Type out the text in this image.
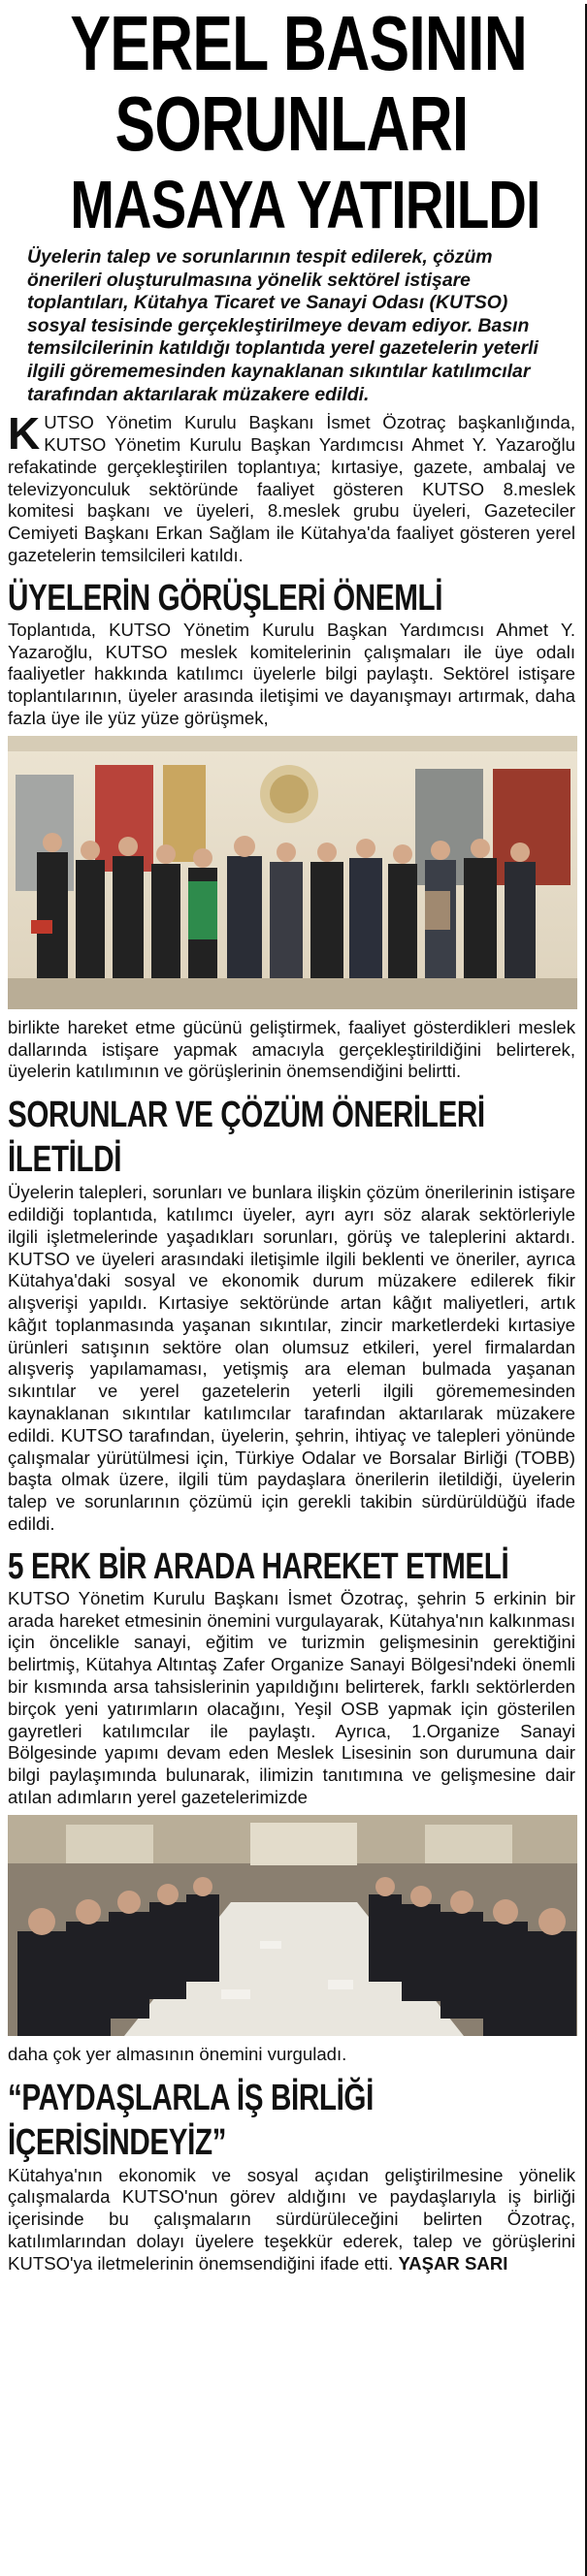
YEREL BASININ
SORUNLARI
MASAYA YATIRILDI

Üyelerin talep ve sorunlarının tespit edilerek, çözüm önerileri oluşturulmasına yönelik sektörel istişare toplantıları, Kütahya Ticaret ve Sanayi Odası (KUTSO) sosyal tesisinde gerçekleştirilmeye devam ediyor. Basın temsilcilerinin katıldığı toplantıda yerel gazetelerin yeterli ilgili görememesinden kaynaklanan sıkıntılar katılımcılar tarafından aktarılarak müzakere edildi.

KUTSO Yönetim Kurulu Başkanı İsmet Özotraç başkanlığında, KUTSO Yönetim Kurulu Başkan Yardımcısı Ahmet Y. Yazaroğlu refakatinde gerçekleştirilen toplantıya; kırtasiye, gazete, ambalaj ve televizyonculuk sektöründe faaliyet gösteren KUTSO 8.meslek komitesi başkanı ve üyeleri, 8.meslek grubu üyeleri, Gazeteciler Cemiyeti Başkanı Erkan Sağlam ile Kütahya'da faaliyet gösteren yerel gazetelerin temsilcileri katıldı.

ÜYELERİN GÖRÜŞLERİ ÖNEMLİ

Toplantıda, KUTSO Yönetim Kurulu Başkan Yardımcısı Ahmet Y. Yazaroğlu, KUTSO meslek komitelerinin çalışmaları ile üye odalı faaliyetler hakkında katılımcı üyelerle bilgi paylaştı. Sektörel istişare toplantılarının, üyeler arasında iletişimi ve dayanışmayı artırmak, daha fazla üye ile yüz yüze görüşmek,

birlikte hareket etme gücünü geliştirmek, faaliyet gösterdikleri meslek dallarında istişare yapmak amacıyla gerçekleştirildiğini belirterek, üyelerin katılımının ve görüşlerinin önemsendiğini belirtti.

SORUNLAR VE ÇÖZÜM ÖNERİLERİ
İLETİLDİ

Üyelerin talepleri, sorunları ve bunlara ilişkin çözüm önerilerinin istişare edildiği toplantıda, katılımcı üyeler, ayrı ayrı söz alarak sektörleriyle ilgili işletmelerinde yaşadıkları sorunları, görüş ve taleplerini aktardı. KUTSO ve üyeleri arasındaki iletişimle ilgili beklenti ve öneriler, ayrıca Kütahya'daki sosyal ve ekonomik durum müzakere edilerek fikir alışverişi yapıldı. Kırtasiye sektöründe artan kâğıt maliyetleri, artık kâğıt toplanmasında yaşanan sıkıntılar, zincir marketlerdeki kırtasiye ürünleri satışının sektöre olan olumsuz etkileri, yerel firmalardan alışveriş yapılamaması, yetişmiş ara eleman bulmada yaşanan sıkıntılar ve yerel gazetelerin yeterli ilgili görememesinden kaynaklanan sıkıntılar katılımcılar tarafından aktarılarak müzakere edildi. KUTSO tarafından, üyelerin, şehrin, ihtiyaç ve talepleri yönünde çalışmalar yürütülmesi için, Türkiye Odalar ve Borsalar Birliği (TOBB) başta olmak üzere, ilgili tüm paydaşlara önerilerin iletildiği, üyelerin talep ve sorunlarının çözümü için gerekli takibin sürdürüldüğü ifade edildi.

5 ERK BİR ARADA HAREKET ETMELİ

KUTSO Yönetim Kurulu Başkanı İsmet Özotraç, şehrin 5 erkinin bir arada hareket etmesinin önemini vurgulayarak, Kütahya'nın kalkınması için öncelikle sanayi, eğitim ve turizmin gelişmesinin gerektiğini belirtmiş, Kütahya Altıntaş Zafer Organize Sanayi Bölgesi'ndeki önemli bir kısmında arsa tahsislerinin yapıldığını belirterek, farklı sektörlerden birçok yeni yatırımların olacağını, Yeşil OSB yapmak için gösterilen gayretleri katılımcılar ile paylaştı. Ayrıca, 1.Organize Sanayi Bölgesinde yapımı devam eden Meslek Lisesinin son durumuna dair bilgi paylaşımında bulunarak, ilimizin tanıtımına ve gelişmesine dair atılan adımların yerel gazetelerimizde

daha çok yer almasının önemini vurguladı.

“PAYDAŞLARLA İŞ BİRLİĞİ
İÇERİSİNDEYİZ”

Kütahya'nın ekonomik ve sosyal açıdan geliştirilmesine yönelik çalışmalarda KUTSO'nun görev aldığını ve paydaşlarıyla iş birliği içerisinde bu çalışmaların sürdürüleceğini belirten Özotraç, katılımlarından dolayı üyelere teşekkür ederek, talep ve görüşlerini KUTSO'ya iletmelerinin önemsendiğini ifade etti. YAŞAR SARI
